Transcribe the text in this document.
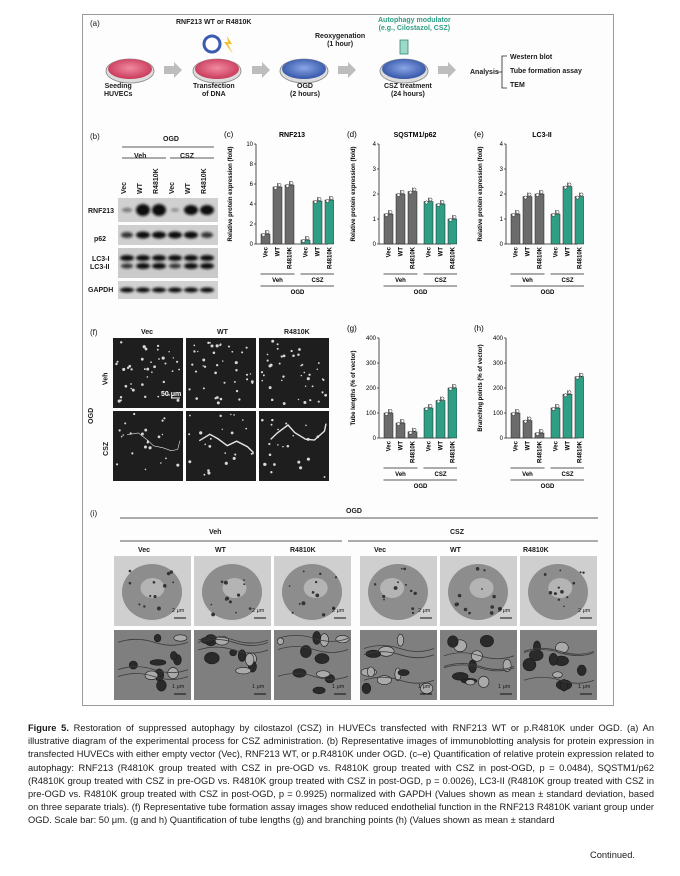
(a)
Seeding
HUVECs
RNF213 WT or R4810K
Transfection
of DNA
OGD
(2 hours)
Reoxygenation
(1 hour)
Autophagy modulator
(e.g., Cilostazol, CSZ)
CSZ treatment
(24 hours)
Analysis
Western blot
Tube formation assay
TEM
(b)	OGD
Veh	CSZ
Vec WT R4810K Vec WT R4810K
RNF213
p62
LC3-I
LC3-II
GAPDH
(c)	RNF213
Relative protein expression (fold)
0
2
4
6
8
10
Vec WT R4810K Vec WT R4810K
Veh	CSZ
OGD
(d)	SQSTM1/p62
Relative protein expression (fold)
0
1
2
3
4
Vec WT R4810K Vec WT R4810K
Veh	CSZ
OGD
(e)	LC3-II
Relative protein expression (fold)
0
1
2
3
4
Vec WT R4810K Vec WT R4810K
Veh	CSZ
OGD
(g)
Tube lengths (% of vector)
0
100
200
300
400
Vec WT R4810K Vec WT R4810K
Veh	CSZ
OGD
(h)
Branching points (% of vector)
0
100
200
300
400
Vec WT R4810K Vec WT R4810K
Veh	CSZ
OGD
(f)	Vec	WT	R4810K
Veh
CSZ
OGD
50 μm
(i)	OGD
Veh	CSZ
Vec	WT	R4810K	Vec	WT	R4810K
2 μm
1 μm
2 μm
1 μm
2 μm
1 μm
2 μm
1 μm
2 μm
1 μm
2 μm
1 μm
Figure 5. Restoration of suppressed autophagy by cilostazol (CSZ) in HUVECs transfected with RNF213 WT or p.R4810K under OGD. (a) An illustrative diagram of the experimental process for CSZ administration. (b) Representative images of immunoblotting analysis for protein expression in transfected HUVECs with either empty vector (Vec), RNF213 WT, or p.R4810K under OGD. (c–e) Quantification of relative protein expression related to autophagy: RNF213 (R4810K group treated with CSZ in pre-OGD vs. R4810K group treated with CSZ in post-OGD, p = 0.0484), SQSTM1/p62 (R4810K group treated with CSZ in pre-OGD vs. R4810K group treated with CSZ in post-OGD, p = 0.0026), LC3-II (R4810K group treated with CSZ in pre-OGD vs. R4810K group treated with CSZ in post-OGD, p = 0.9925) normalized with GAPDH (Values shown as mean ± standard deviation, based on three separate trials). (f) Representative tube formation assay images show reduced endothelial function in the RNF213 R4810K variant group under OGD. Scale bar: 50 μm. (g and h) Quantification of tube lengths (g) and branching points (h) (Values shown as mean ± standard
Continued.
